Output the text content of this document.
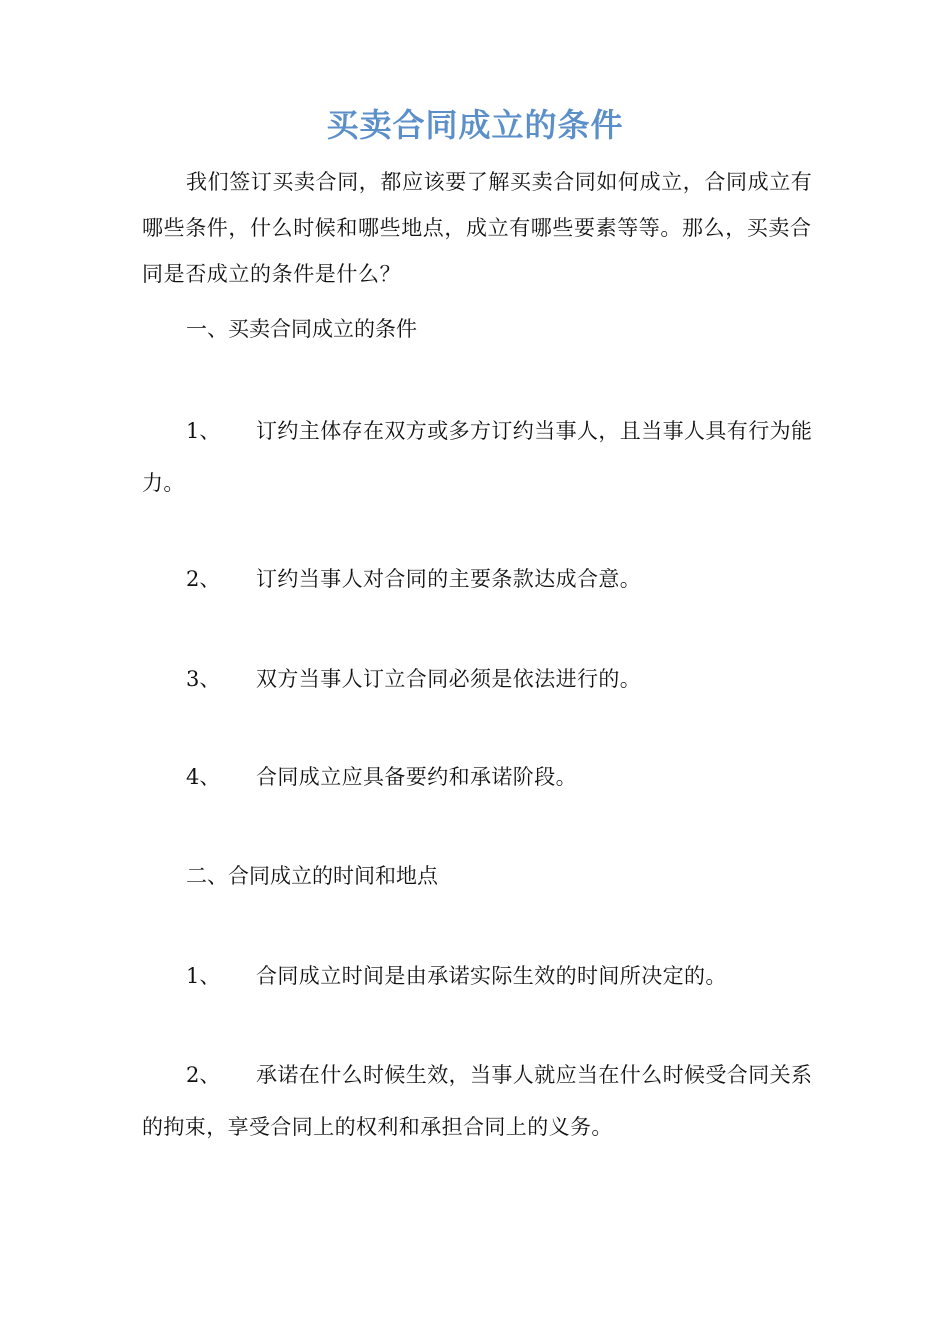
买卖合同成立的条件

我们签订买卖合同，都应该要了解买卖合同如何成立，合同成立有哪些条件，什么时候和哪些地点，成立有哪些要素等等。那么，买卖合同是否成立的条件是什么？

一、买卖合同成立的条件
1、 订约主体存在双方或多方订约当事人，且当事人具有行为能 力。
2、 订约当事人对合同的主要条款达成合意。
3、 双方当事人订立合同必须是依法进行的。
4、 合同成立应具备要约和承诺阶段。
二、合同成立的时间和地点
1、 合同成立时间是由承诺实际生效的时间所决定的。
2、 承诺在什么时候生效，当事人就应当在什么时候受合同关系 的拘束，享受合同上的权利和承担合同上的义务。
